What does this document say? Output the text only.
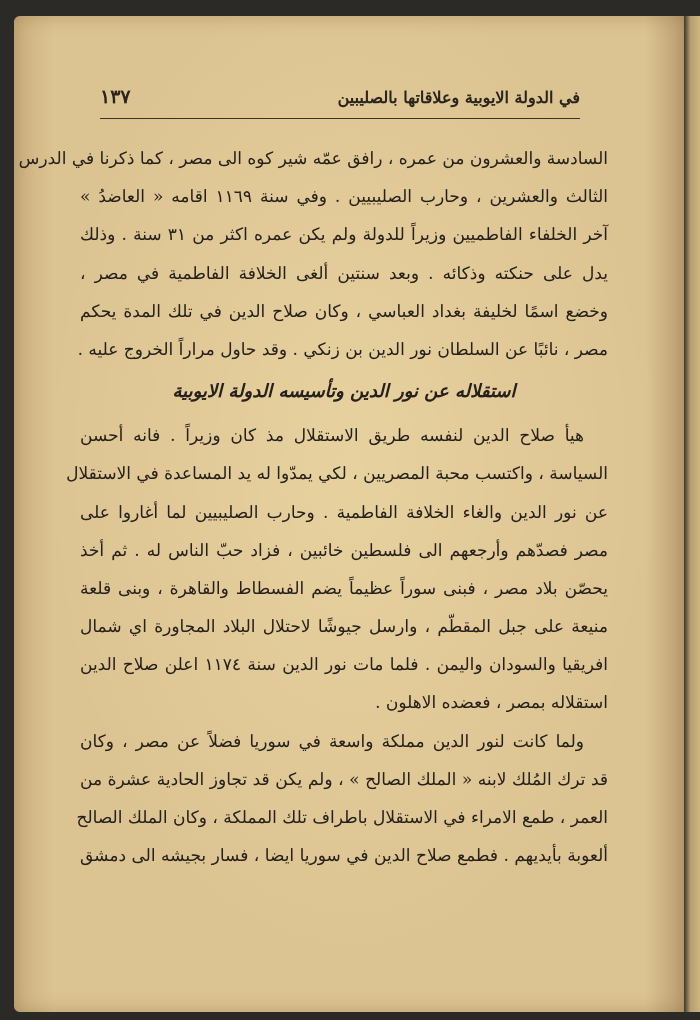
في الدولة الايوبية وعلاقاتها بالصليبين
١٣٧
السادسة والعشرون من عمره ، رافق عمّه شير كوه الى مصر ، كما ذكرنا في الدرس
الثالث والعشرين ، وحارب الصليبيين . وفي سنة ١١٦٩ اقامه « العاضدُ »
آخر الخلفاء الفاطميين وزيراً للدولة ولم يكن عمره اكثر من ٣١ سنة . وذلك
يدل على حنكته وذكائه . وبعد سنتين ألغى الخلافة الفاطمية في مصر ،
وخضع اسمًا لخليفة بغداد العباسي ، وكان صلاح الدين في تلك المدة يحكم
مصر ، نائبًا عن السلطان نور الدين بن زنكي . وقد حاول مراراً الخروج عليه .
استقلاله عن نور الدين وتأسيسه الدولة الايوبية
هيأ صلاح الدين لنفسه طريق الاستقلال مذ كان وزيراً . فانه أحسن
السياسة ، واكتسب محبة المصريين ، لكي يمدّوا له يد المساعدة في الاستقلال
عن نور الدين والغاء الخلافة الفاطمية . وحارب الصليبيين لما أغاروا على
مصر فصدّهم وأرجعهم الى فلسطين خائبين ، فزاد حبّ الناس له . ثم أخذ
يحصّن بلاد مصر ، فبنى سوراً عظيماً يضم الفسطاط والقاهرة ، وبنى قلعة
منيعة على جبل المقطّم ، وارسل جيوشًا لاحتلال البلاد المجاورة اي شمال
افريقيا والسودان واليمن . فلما مات نور الدين سنة ١١٧٤ اعلن صلاح الدين
استقلاله بمصر ، فعضده الاهلون .
ولما كانت لنور الدين مملكة واسعة في سوريا فضلاً عن مصر ، وكان
قد ترك المُلك لابنه « الملك الصالح » ، ولم يكن قد تجاوز الحادية عشرة من
العمر ، طمع الامراء في الاستقلال باطراف تلك المملكة ، وكان الملك الصالح
ألعوبة بأيديهم . فطمع صلاح الدين في سوريا ايضا ، فسار بجيشه الى دمشق
